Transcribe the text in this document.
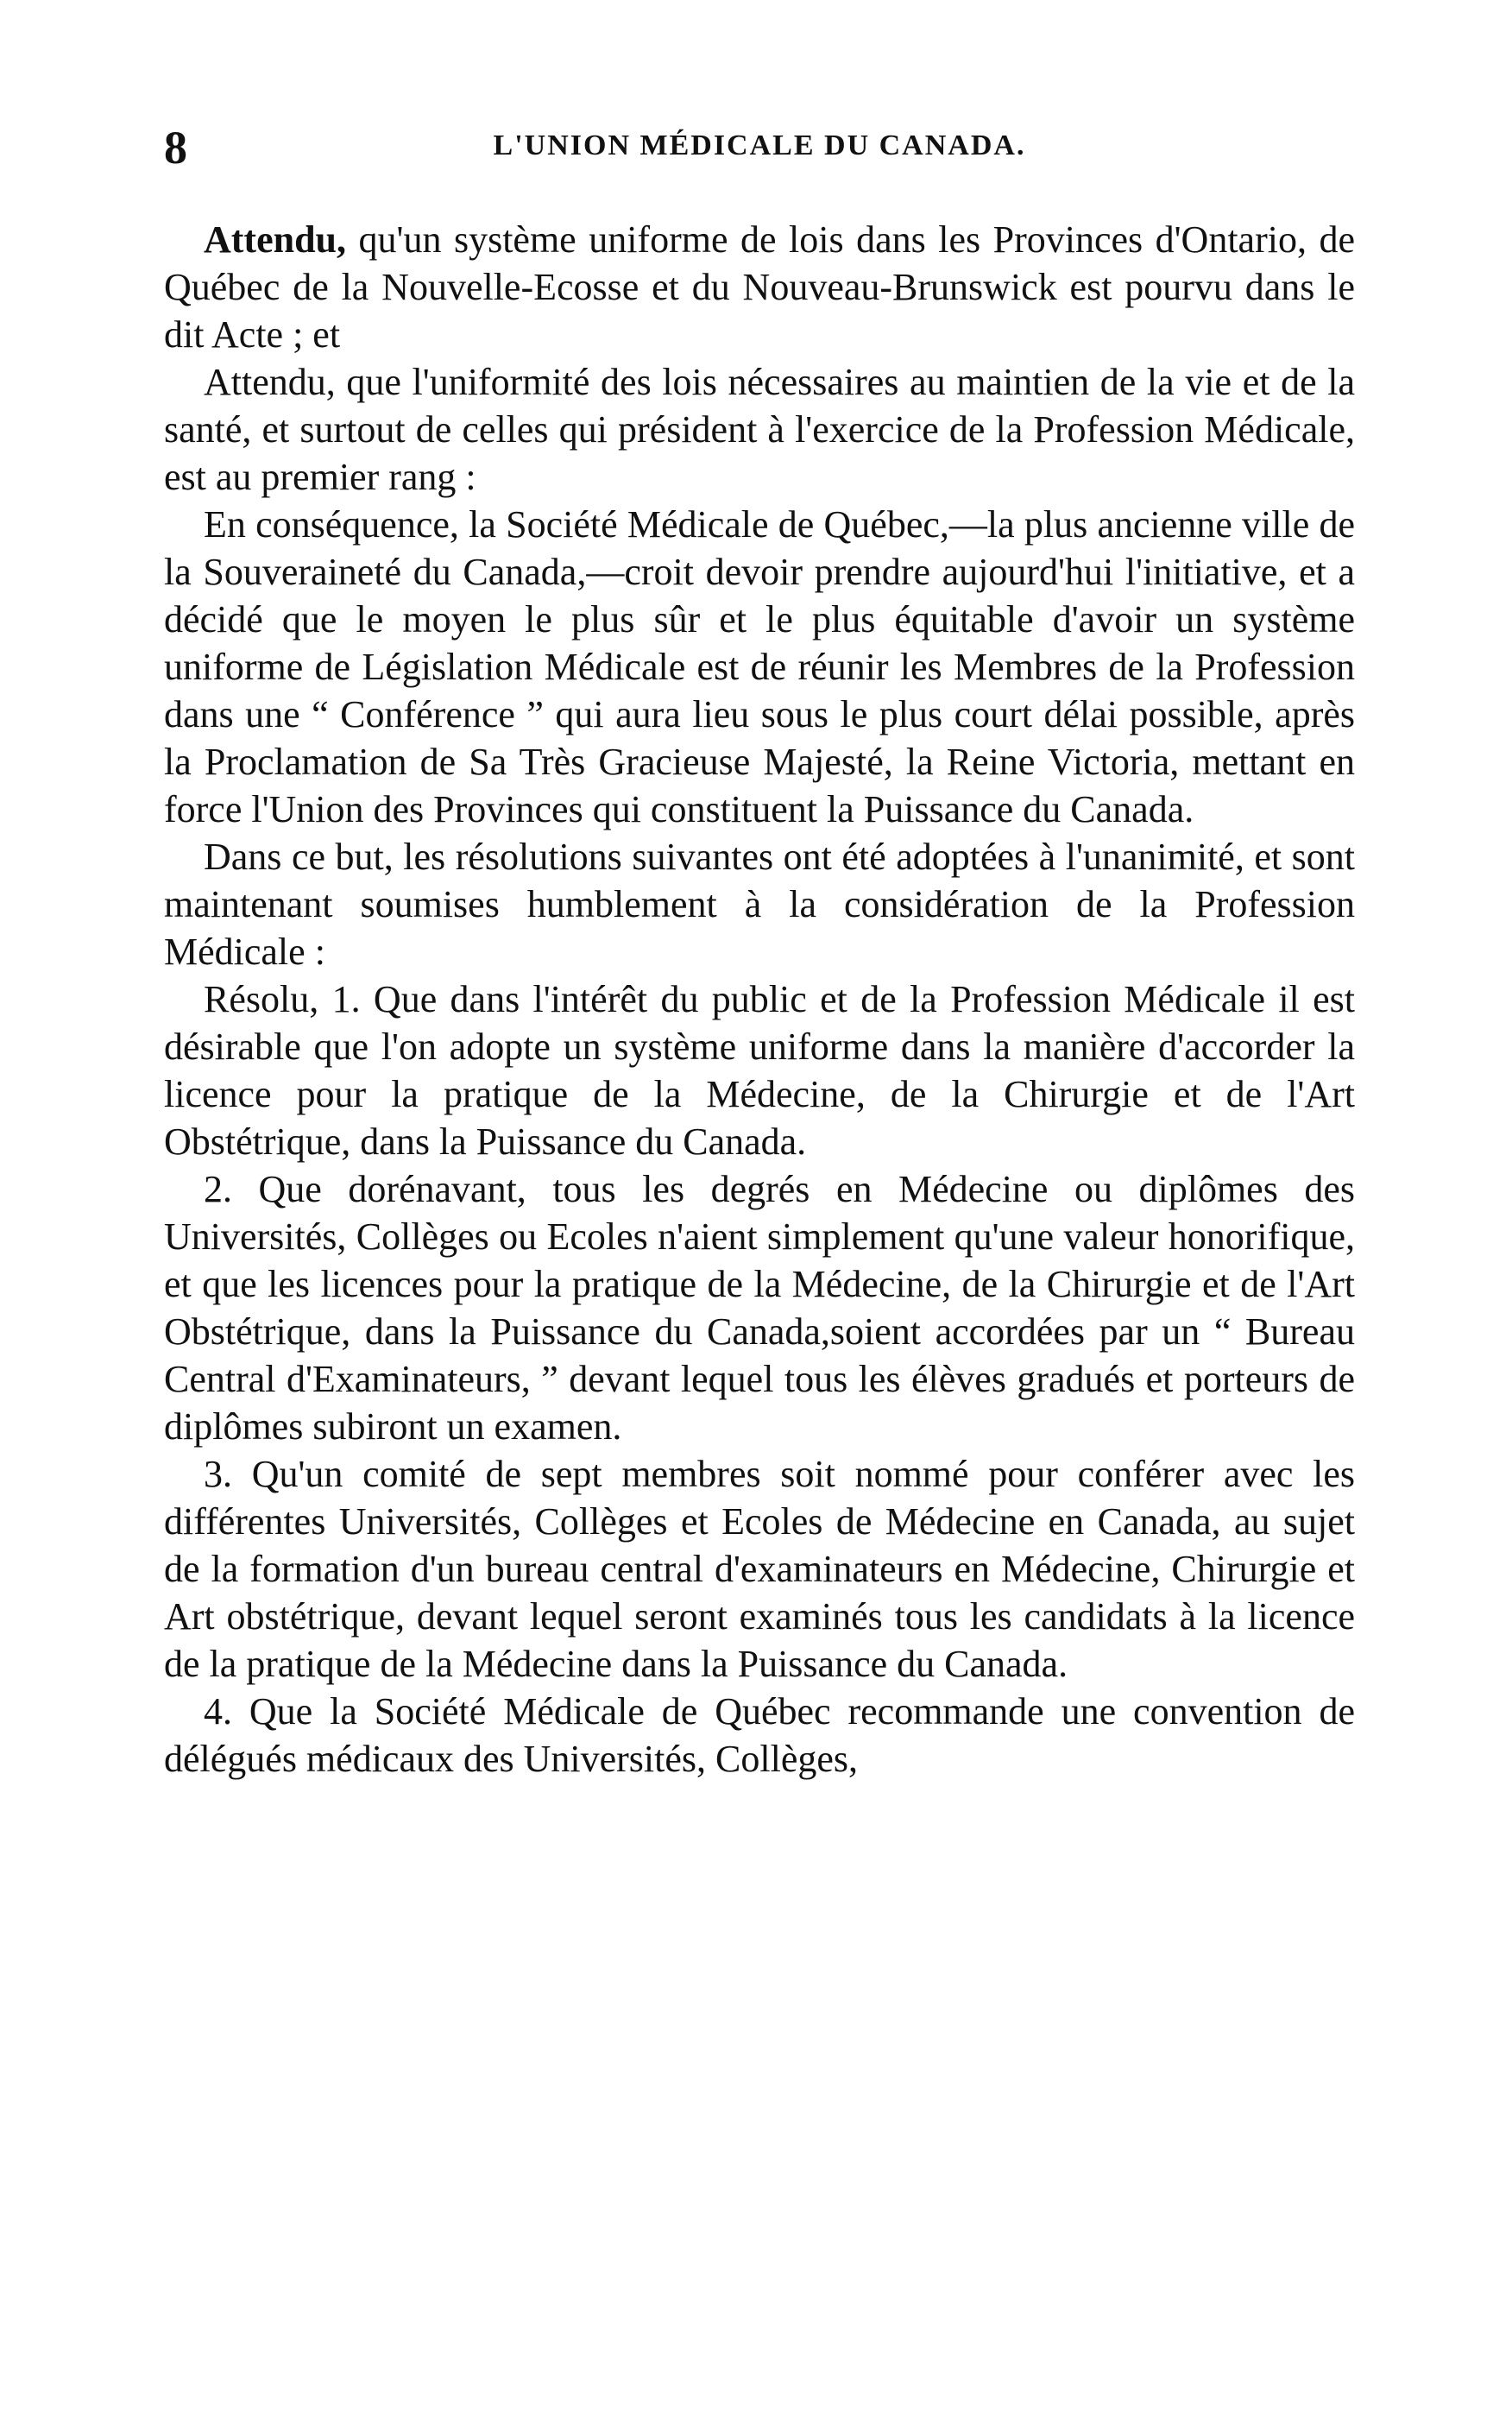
8	L'UNION MÉDICALE DU CANADA.

Attendu, qu'un système uniforme de lois dans les Provinces d'Ontario, de Québec de la Nouvelle-Ecosse et du Nouveau-Brunswick est pourvu dans le dit Acte ; et

Attendu, que l'uniformité des lois nécessaires au maintien de la vie et de la santé, et surtout de celles qui président à l'exercice de la Profession Médicale, est au premier rang :

En conséquence, la Société Médicale de Québec,—la plus ancienne ville de la Souveraineté du Canada,—croit devoir prendre aujourd'hui l'initiative, et a décidé que le moyen le plus sûr et le plus équitable d'avoir un système uniforme de Législation Médicale est de réunir les Membres de la Profession dans une “ Conférence ” qui aura lieu sous le plus court délai possible, après la Proclamation de Sa Très Gracieuse Majesté, la Reine Victoria, mettant en force l'Union des Provinces qui constituent la Puissance du Canada.

Dans ce but, les résolutions suivantes ont été adoptées à l'unanimité, et sont maintenant soumises humblement à la considération de la Profession Médicale :

Résolu, 1. Que dans l'intérêt du public et de la Profession Médicale il est désirable que l'on adopte un système uniforme dans la manière d'accorder la licence pour la pratique de la Médecine, de la Chirurgie et de l'Art Obstétrique, dans la Puissance du Canada.

2. Que dorénavant, tous les degrés en Médecine ou diplômes des Universités, Collèges ou Ecoles n'aient simplement qu'une valeur honorifique, et que les licences pour la pratique de la Médecine, de la Chirurgie et de l'Art Obstétrique, dans la Puissance du Canada,soient accordées par un “ Bureau Central d'Examinateurs, ” devant lequel tous les élèves gradués et porteurs de diplômes subiront un examen.

3. Qu'un comité de sept membres soit nommé pour conférer avec les différentes Universités, Collèges et Ecoles de Médecine en Canada, au sujet de la formation d'un bureau central d'examinateurs en Médecine, Chirurgie et Art obstétrique, devant lequel seront examinés tous les candidats à la licence de la pratique de la Médecine dans la Puissance du Canada.

4. Que la Société Médicale de Québec recommande une convention de délégués médicaux des Universités, Collèges,
